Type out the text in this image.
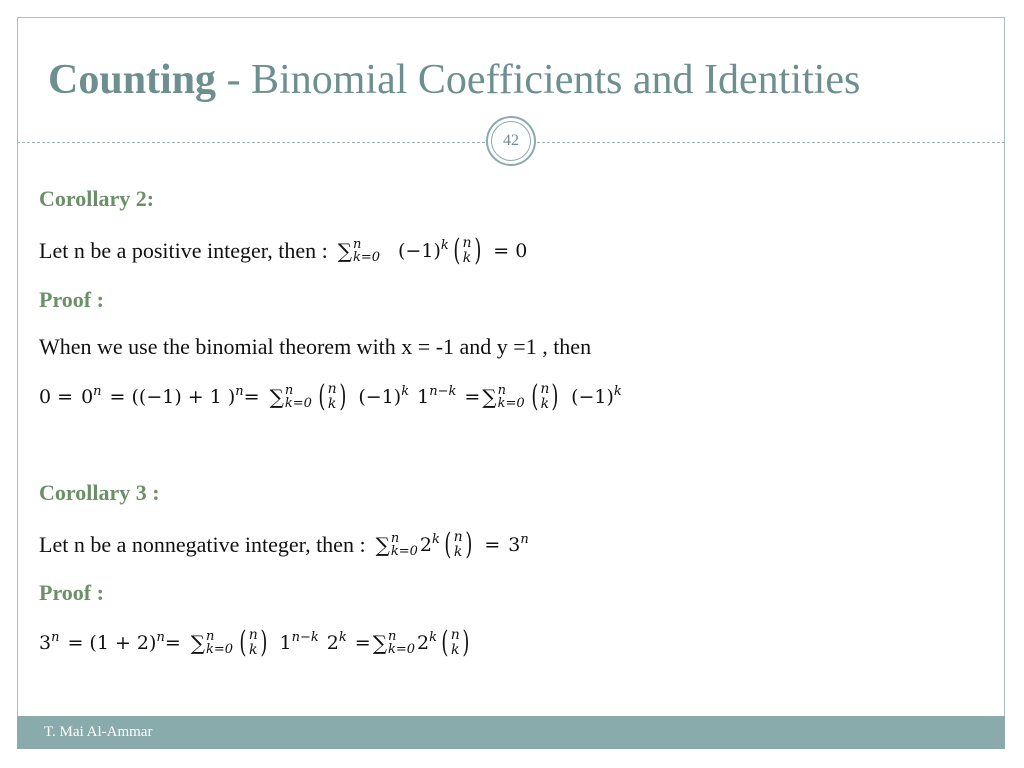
Counting - Binomial Coefficients and Identities
42
Corollary 2:
Let n be a positive integer, then : ∑ n
k=0 (−1) k ( n
k ) = 0
Proof :
When we use the binomial theorem with x = -1 and y =1 , then
0 = 0 n = ((−1) + 1 ) n = ∑ n
k=0 ( n
k ) (−1) k 1 n−k = ∑ n
k=0 ( n
k ) (−1) k
Corollary 3 :
Let n be a nonnegative integer, then : ∑ n
k=0 2 k ( n
k ) = 3 n
Proof :
3 n = (1 + 2) n = ∑ n
k=0 ( n
k ) 1 n−k 2 k = ∑ n
k=0 2 k ( n
k )
T. Mai Al-Ammar
